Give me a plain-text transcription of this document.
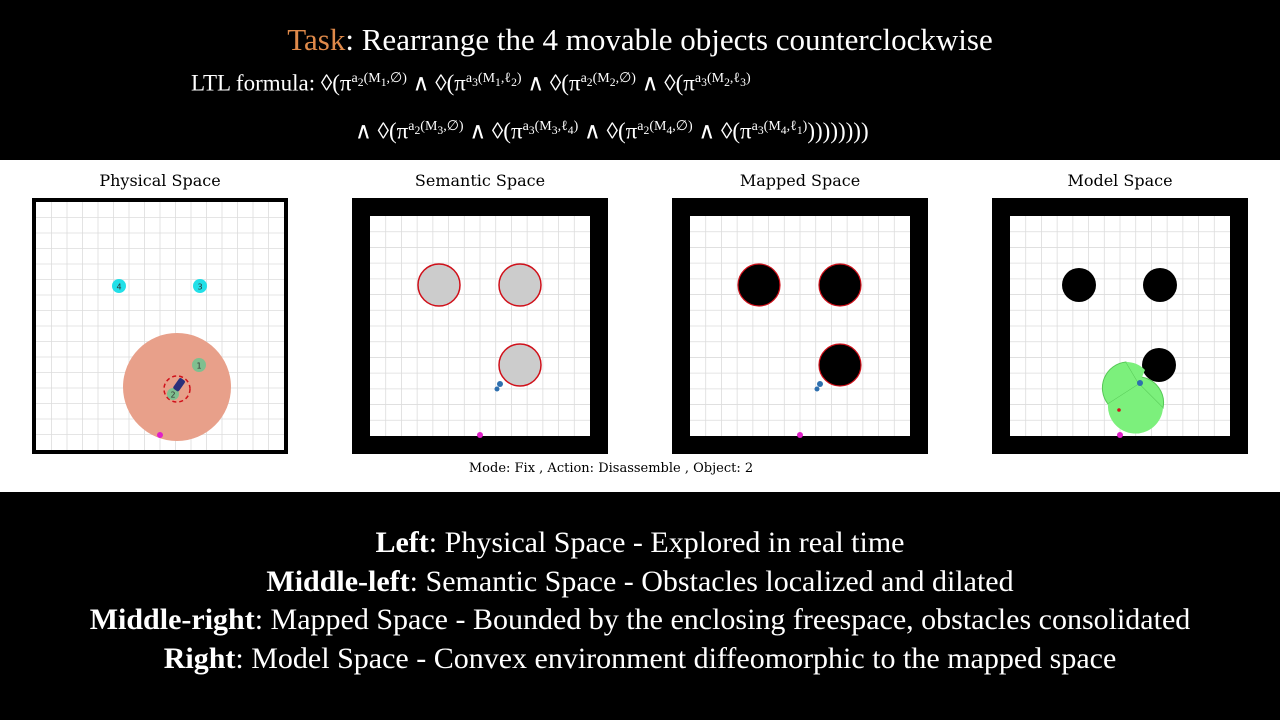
Task: Rearrange the 4 movable objects counterclockwise
LTL formula: $◊(\pi^{a_2(M_1,\emptyset)}$ ∧ $◊(\pi^{a_3(M_1,\ell_2)}$ ∧ $◊(\pi^{a_2(M_2,\emptyset)}$ ∧ $◊(\pi^{a_3(M_2,\ell_3)}$
∧ $◊(\pi^{a_2(M_3,\emptyset)}$ ∧ $◊(\pi^{a_3(M_3,\ell_4)}$ ∧ $◊(\pi^{a_2(M_4,\emptyset)}$ ∧ $◊(\pi^{a_3(M_4,\ell_1)})$)))))))
Physical Space	Semantic Space	Mapped Space	Model Space
1
2
3
4
Mode: Fix , Action: Disassemble , Object: 2
Left: Physical Space - Explored in real time
Middle-left: Semantic Space - Obstacles localized and dilated
Middle-right: Mapped Space - Bounded by the enclosing freespace, obstacles consolidated
Right: Model Space - Convex environment diffeomorphic to the mapped space
